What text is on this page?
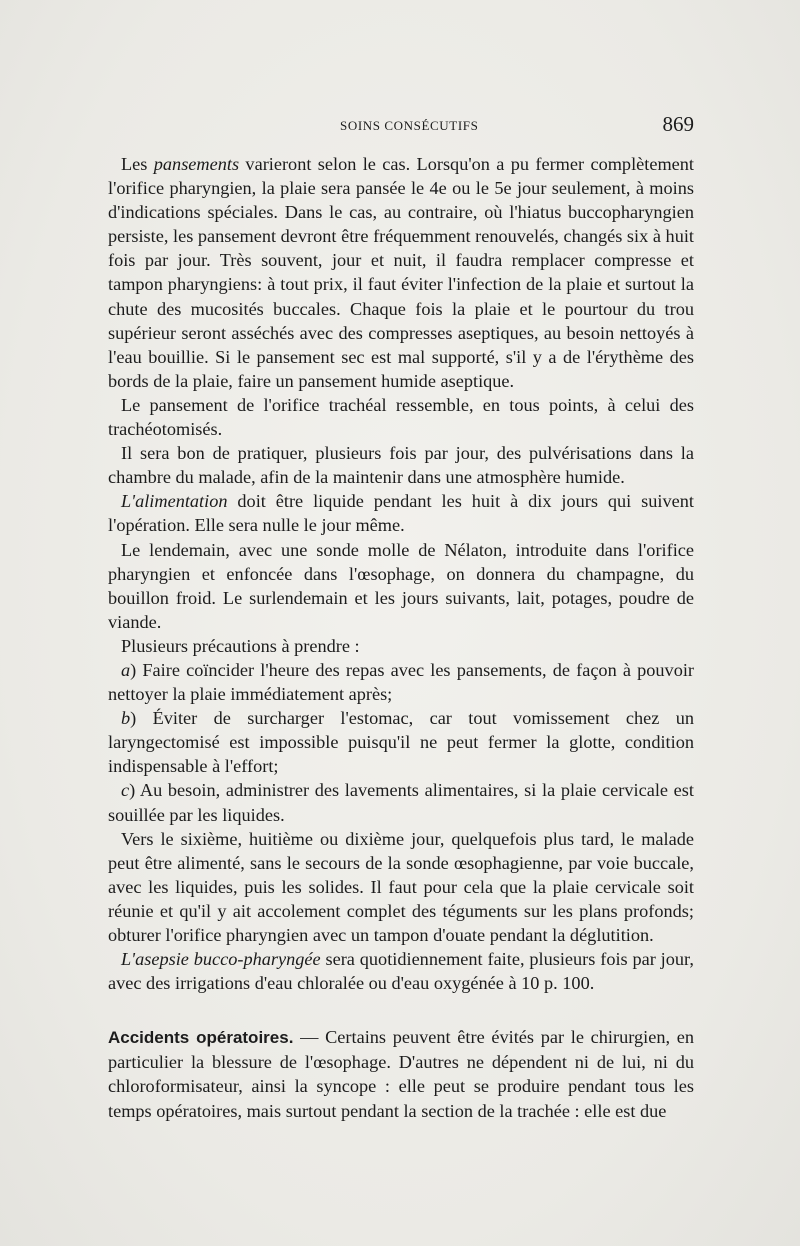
SOINS CONSÉCUTIFS	869

Les pansements varieront selon le cas. Lorsqu'on a pu fermer complètement l'orifice pharyngien, la plaie sera pansée le 4e ou le 5e jour seulement, à moins d'indications spéciales. Dans le cas, au contraire, où l'hiatus buccopharyngien persiste, les pansement devront être fréquemment renouvelés, changés six à huit fois par jour. Très souvent, jour et nuit, il faudra remplacer compresse et tampon pharyngiens: à tout prix, il faut éviter l'infection de la plaie et surtout la chute des mucosités buccales. Chaque fois la plaie et le pourtour du trou supérieur seront asséchés avec des compresses aseptiques, au besoin nettoyés à l'eau bouillie. Si le pansement sec est mal supporté, s'il y a de l'érythème des bords de la plaie, faire un pansement humide aseptique.

Le pansement de l'orifice trachéal ressemble, en tous points, à celui des trachéotomisés.

Il sera bon de pratiquer, plusieurs fois par jour, des pulvérisations dans la chambre du malade, afin de la maintenir dans une atmosphère humide.

L'alimentation doit être liquide pendant les huit à dix jours qui suivent l'opération. Elle sera nulle le jour même.

Le lendemain, avec une sonde molle de Nélaton, introduite dans l'orifice pharyngien et enfoncée dans l'œsophage, on donnera du champagne, du bouillon froid. Le surlendemain et les jours suivants, lait, potages, poudre de viande.

Plusieurs précautions à prendre :

a) Faire coïncider l'heure des repas avec les pansements, de façon à pouvoir nettoyer la plaie immédiatement après;

b) Éviter de surcharger l'estomac, car tout vomissement chez un laryngectomisé est impossible puisqu'il ne peut fermer la glotte, condition indispensable à l'effort;

c) Au besoin, administrer des lavements alimentaires, si la plaie cervicale est souillée par les liquides.

Vers le sixième, huitième ou dixième jour, quelquefois plus tard, le malade peut être alimenté, sans le secours de la sonde œsophagienne, par voie buccale, avec les liquides, puis les solides. Il faut pour cela que la plaie cervicale soit réunie et qu'il y ait accolement complet des téguments sur les plans profonds; obturer l'orifice pharyngien avec un tampon d'ouate pendant la déglutition.

L'asepsie bucco-pharyngée sera quotidiennement faite, plusieurs fois par jour, avec des irrigations d'eau chloralée ou d'eau oxygénée à 10 p. 100.

Accidents opératoires. — Certains peuvent être évités par le chirurgien, en particulier la blessure de l'œsophage. D'autres ne dépendent ni de lui, ni du chloroformisateur, ainsi la syncope : elle peut se produire pendant tous les temps opératoires, mais surtout pendant la section de la trachée : elle est due
